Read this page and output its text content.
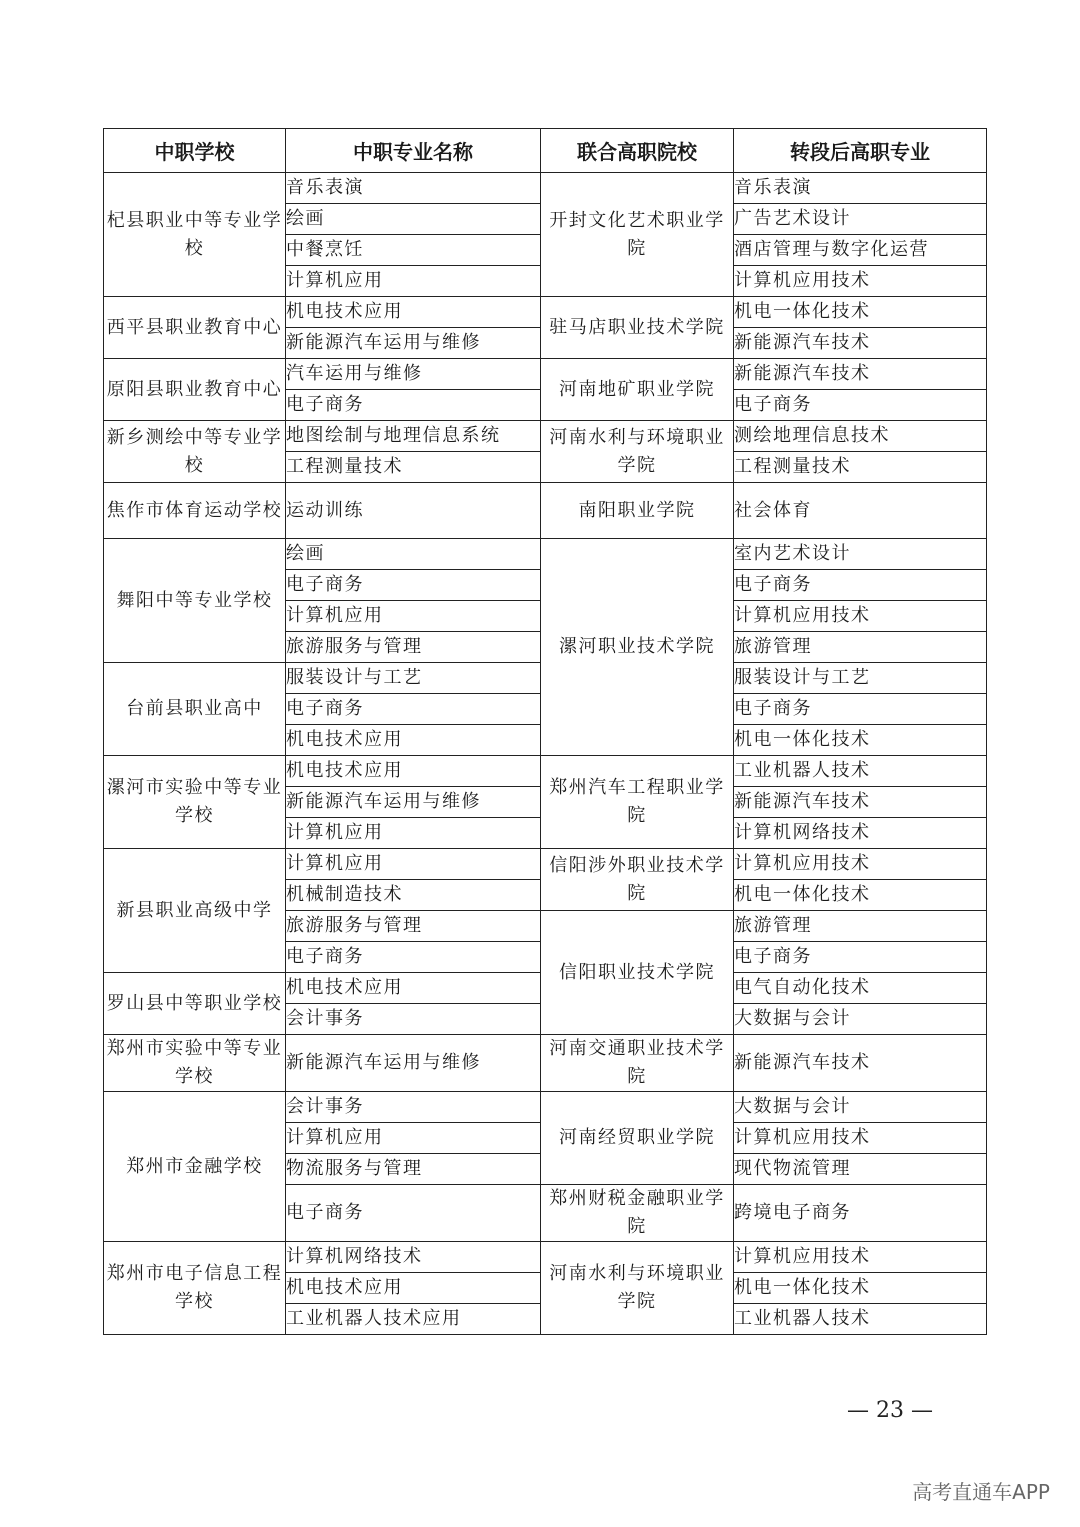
中职学校	中职专业名称	联合高职院校	转段后高职专业
杞县职业中等专业学校	音乐表演	开封文化艺术职业学院	音乐表演
	绘画		广告艺术设计
	中餐烹饪		酒店管理与数字化运营
	计算机应用		计算机应用技术
西平县职业教育中心	机电技术应用	驻马店职业技术学院	机电一体化技术
	新能源汽车运用与维修		新能源汽车技术
原阳县职业教育中心	汽车运用与维修	河南地矿职业学院	新能源汽车技术
	电子商务		电子商务
新乡测绘中等专业学校	地图绘制与地理信息系统	河南水利与环境职业学院	测绘地理信息技术
	工程测量技术		工程测量技术
焦作市体育运动学校	运动训练	南阳职业学院	社会体育
舞阳中等专业学校	绘画	漯河职业技术学院	室内艺术设计
	电子商务		电子商务
	计算机应用		计算机应用技术
	旅游服务与管理		旅游管理
台前县职业高中	服装设计与工艺		服装设计与工艺
	电子商务		电子商务
	机电技术应用		机电一体化技术
漯河市实验中等专业学校	机电技术应用	郑州汽车工程职业学院	工业机器人技术
	新能源汽车运用与维修		新能源汽车技术
	计算机应用		计算机网络技术
新县职业高级中学	计算机应用	信阳涉外职业技术学院	计算机应用技术
	机械制造技术		机电一体化技术
	旅游服务与管理	信阳职业技术学院	旅游管理
	电子商务		电子商务
罗山县中等职业学校	机电技术应用		电气自动化技术
	会计事务		大数据与会计
郑州市实验中等专业学校	新能源汽车运用与维修	河南交通职业技术学院	新能源汽车技术
郑州市金融学校	会计事务	河南经贸职业学院	大数据与会计
	计算机应用		计算机应用技术
	物流服务与管理		现代物流管理
	电子商务	郑州财税金融职业学院	跨境电子商务
郑州市电子信息工程学校	计算机网络技术	河南水利与环境职业学院	计算机应用技术
	机电技术应用		机电一体化技术
	工业机器人技术应用		工业机器人技术
— 23 —
高考直通车APP
